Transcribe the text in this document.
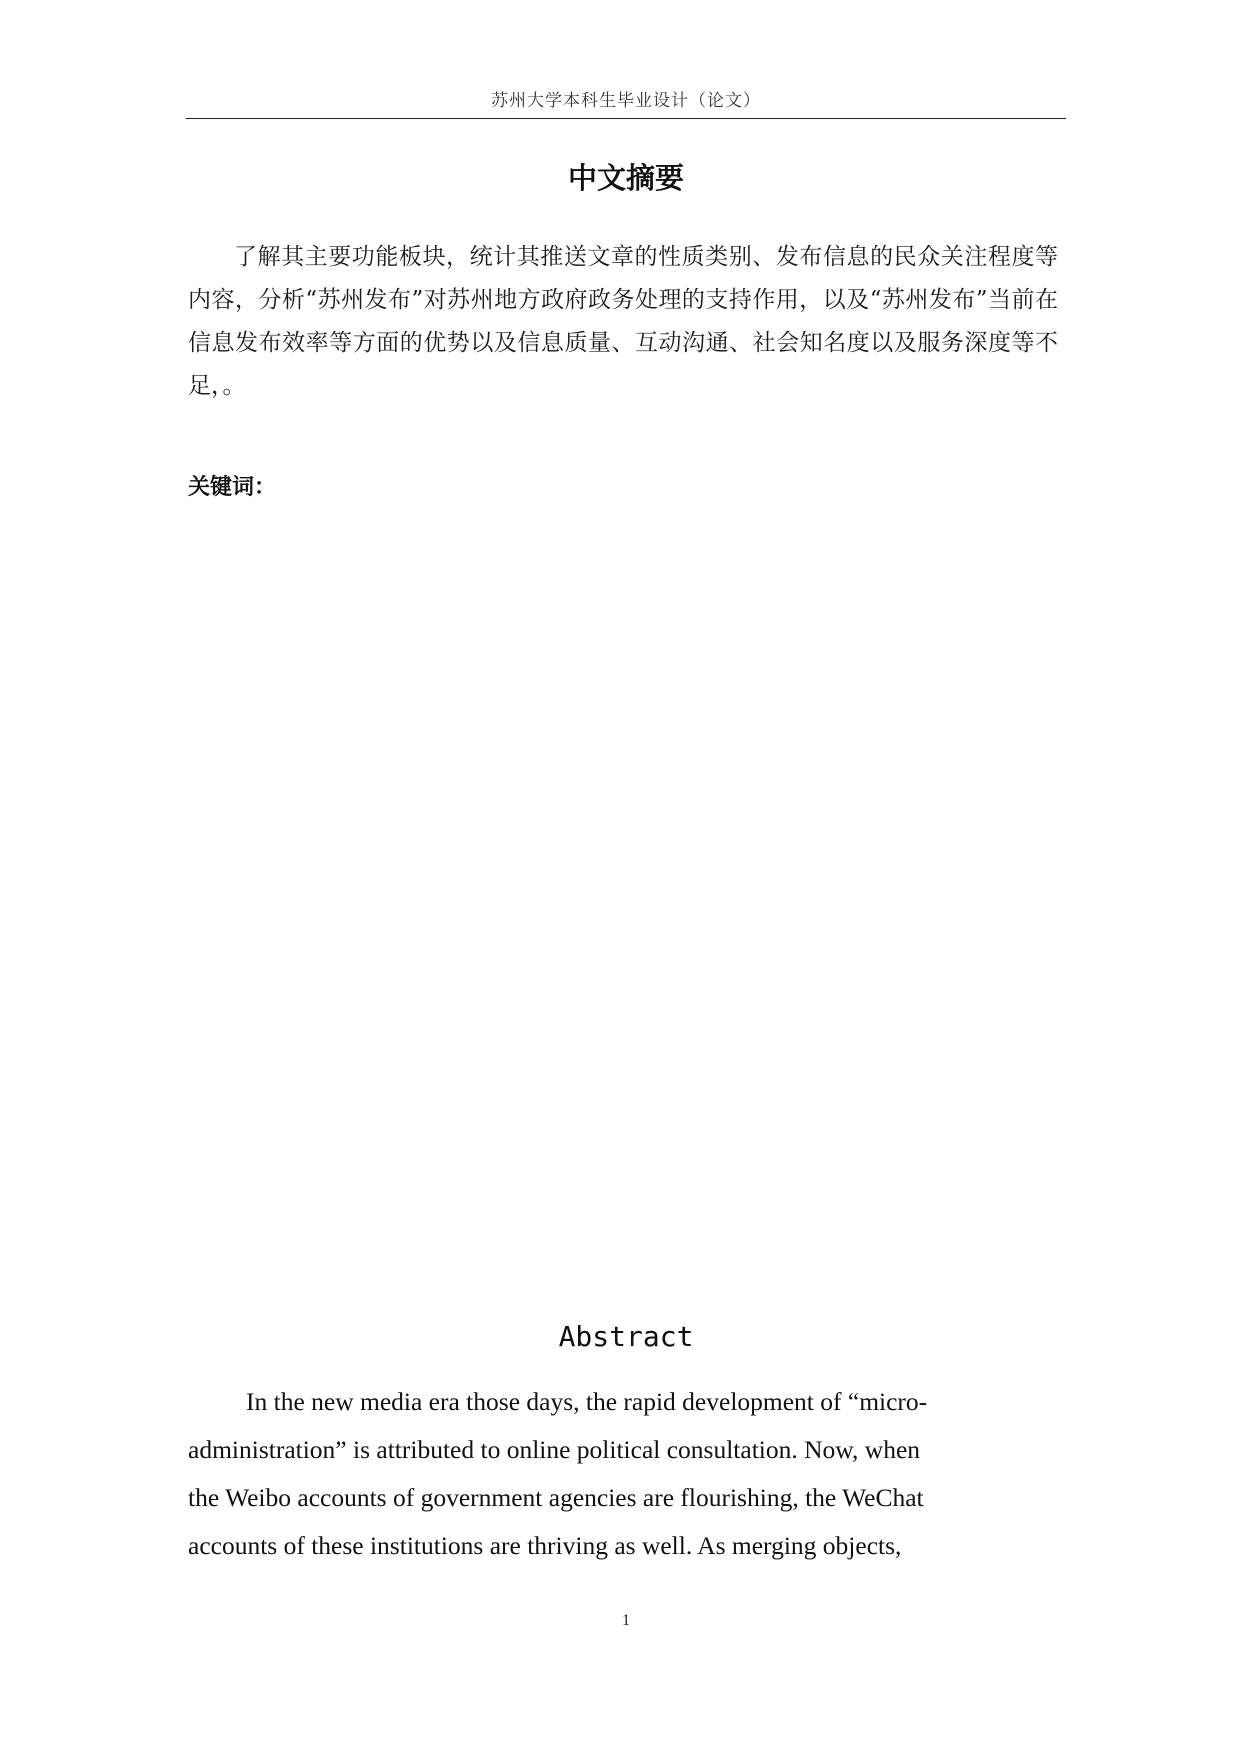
苏州大学本科生毕业设计（论文）
中文摘要
了解其主要功能板块，统计其推送文章的性质类别、发布信息的民众关注程度等内容，分析“苏州发布”对苏州地方政府政务处理的支持作用，以及“苏州发布”当前在信息发布效率等方面的优势以及信息质量、互动沟通、社会知名度以及服务深度等不足，。
关键词：
Abstract
In the new media era those days, the rapid development of “micro-
administration” is attributed to online political consultation. Now, when
the Weibo accounts of government agencies are flourishing, the WeChat
accounts of these institutions are thriving as well. As merging objects,
1
